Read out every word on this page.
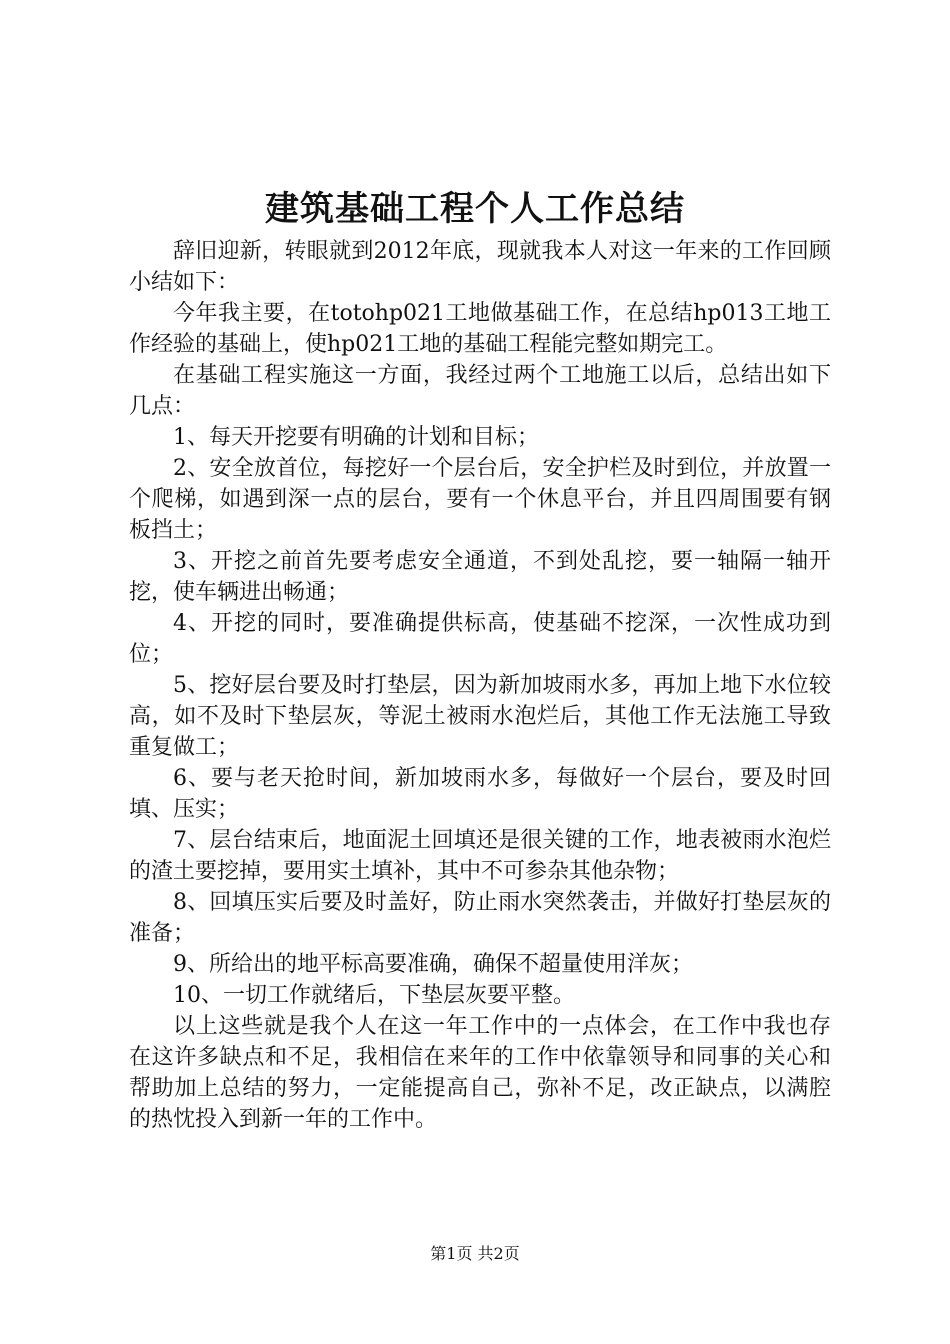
建筑基础工程个人工作总结

辞旧迎新，转眼就到2012年底，现就我本人对这一年来的工作回顾小结如下：

今年我主要，在totohp021工地做基础工作，在总结hp013工地工作经验的基础上，使hp021工地的基础工程能完整如期完工。

在基础工程实施这一方面，我经过两个工地施工以后，总结出如下几点：

1、每天开挖要有明确的计划和目标；

2、安全放首位，每挖好一个层台后，安全护栏及时到位，并放置一个爬梯，如遇到深一点的层台，要有一个休息平台，并且四周围要有钢板挡土；

3、开挖之前首先要考虑安全通道，不到处乱挖，要一轴隔一轴开挖，使车辆进出畅通；

4、开挖的同时，要准确提供标高，使基础不挖深，一次性成功到位；

5、挖好层台要及时打垫层，因为新加坡雨水多，再加上地下水位较高，如不及时下垫层灰，等泥土被雨水泡烂后，其他工作无法施工导致重复做工；

6、要与老天抢时间，新加坡雨水多，每做好一个层台，要及时回填、压实；

7、层台结束后，地面泥土回填还是很关键的工作，地表被雨水泡烂的渣土要挖掉，要用实土填补，其中不可参杂其他杂物；

8、回填压实后要及时盖好，防止雨水突然袭击，并做好打垫层灰的准备；

9、所给出的地平标高要准确，确保不超量使用洋灰；

10、一切工作就绪后，下垫层灰要平整。

以上这些就是我个人在这一年工作中的一点体会，在工作中我也存在这许多缺点和不足，我相信在来年的工作中依靠领导和同事的关心和帮助加上总结的努力，一定能提高自己，弥补不足，改正缺点，以满腔的热忱投入到新一年的工作中。

第1页 共2页
